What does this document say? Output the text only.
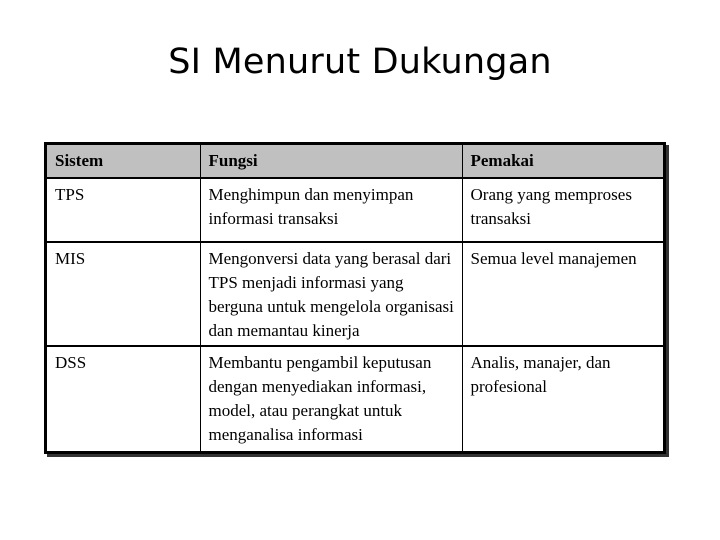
SI Menurut Dukungan
Sistem	Fungsi	Pemakai
TPS	Menghimpun dan menyimpan informasi transaksi	Orang yang memproses transaksi
MIS	Mengonversi data yang berasal dari TPS menjadi informasi yang berguna untuk mengelola organisasi dan memantau kinerja	Semua level manajemen
DSS	Membantu pengambil keputusan dengan menyediakan informasi, model, atau perangkat untuk menganalisa informasi	Analis, manajer, dan profesional
